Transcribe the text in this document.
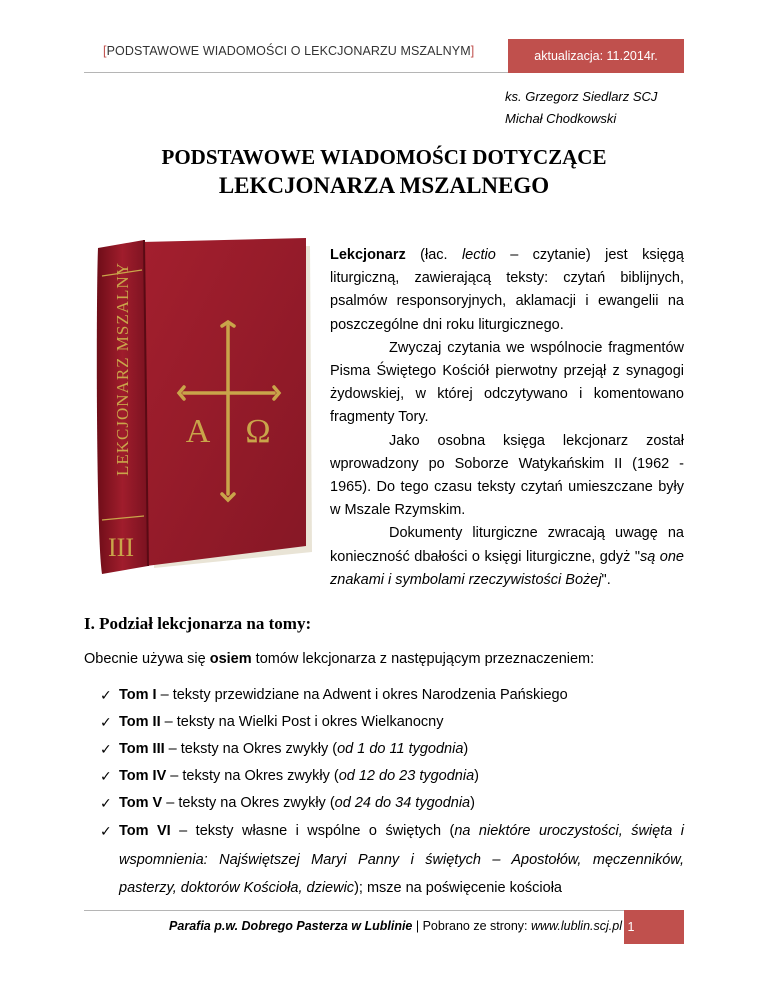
[PODSTAWOWE WIADOMOŚCI O LEKCJONARZU MSZALNYM]	aktualizacja: 11.2014r.
ks. Grzegorz Siedlarz SCJ
Michał Chodkowski
PODSTAWOWE WIADOMOŚCI DOTYCZĄCE
LEKCJONARZA MSZALNEGO
LEKCJONARZ MSZALNY
III
A Ω

Lekcjonarz (łac. lectio – czytanie) jest księgą liturgiczną, zawierającą teksty: czytań biblijnych, psalmów responsoryjnych, aklamacji i ewangelii na poszczególne dni roku liturgicznego.

Zwyczaj czytania we wspólnocie fragmentów Pisma Świętego Kościół pierwotny przejął z synagogi żydowskiej, w której odczytywano i komentowano fragmenty Tory.

Jako osobna księga lekcjonarz został wprowadzony po Soborze Watykańskim II (1962 - 1965). Do tego czasu teksty czytań umieszczane były w Mszale Rzymskim.

Dokumenty liturgiczne zwracają uwagę na konieczność dbałości o księgi liturgiczne, gdyż "są one znakami i symbolami rzeczywistości Bożej".

I. Podział lekcjonarza na tomy:
Obecnie używa się osiem tomów lekcjonarza z następującym przeznaczeniem:
✓ Tom I – teksty przewidziane na Adwent i okres Narodzenia Pańskiego
✓ Tom II – teksty na Wielki Post i okres Wielkanocny
✓ Tom III – teksty na Okres zwykły (od 1 do 11 tygodnia)
✓ Tom IV – teksty na Okres zwykły (od 12 do 23 tygodnia)
✓ Tom V – teksty na Okres zwykły (od 24 do 34 tygodnia)
✓ Tom VI – teksty własne i wspólne o świętych (na niektóre uroczystości, święta i wspomnienia: Najświętszej Maryi Panny i świętych – Apostołów, męczenników, pasterzy, doktorów Kościoła, dziewic); msze na poświęcenie kościoła
Parafia p.w. Dobrego Pasterza w Lublinie | Pobrano ze strony: www.lublin.scj.pl 1
